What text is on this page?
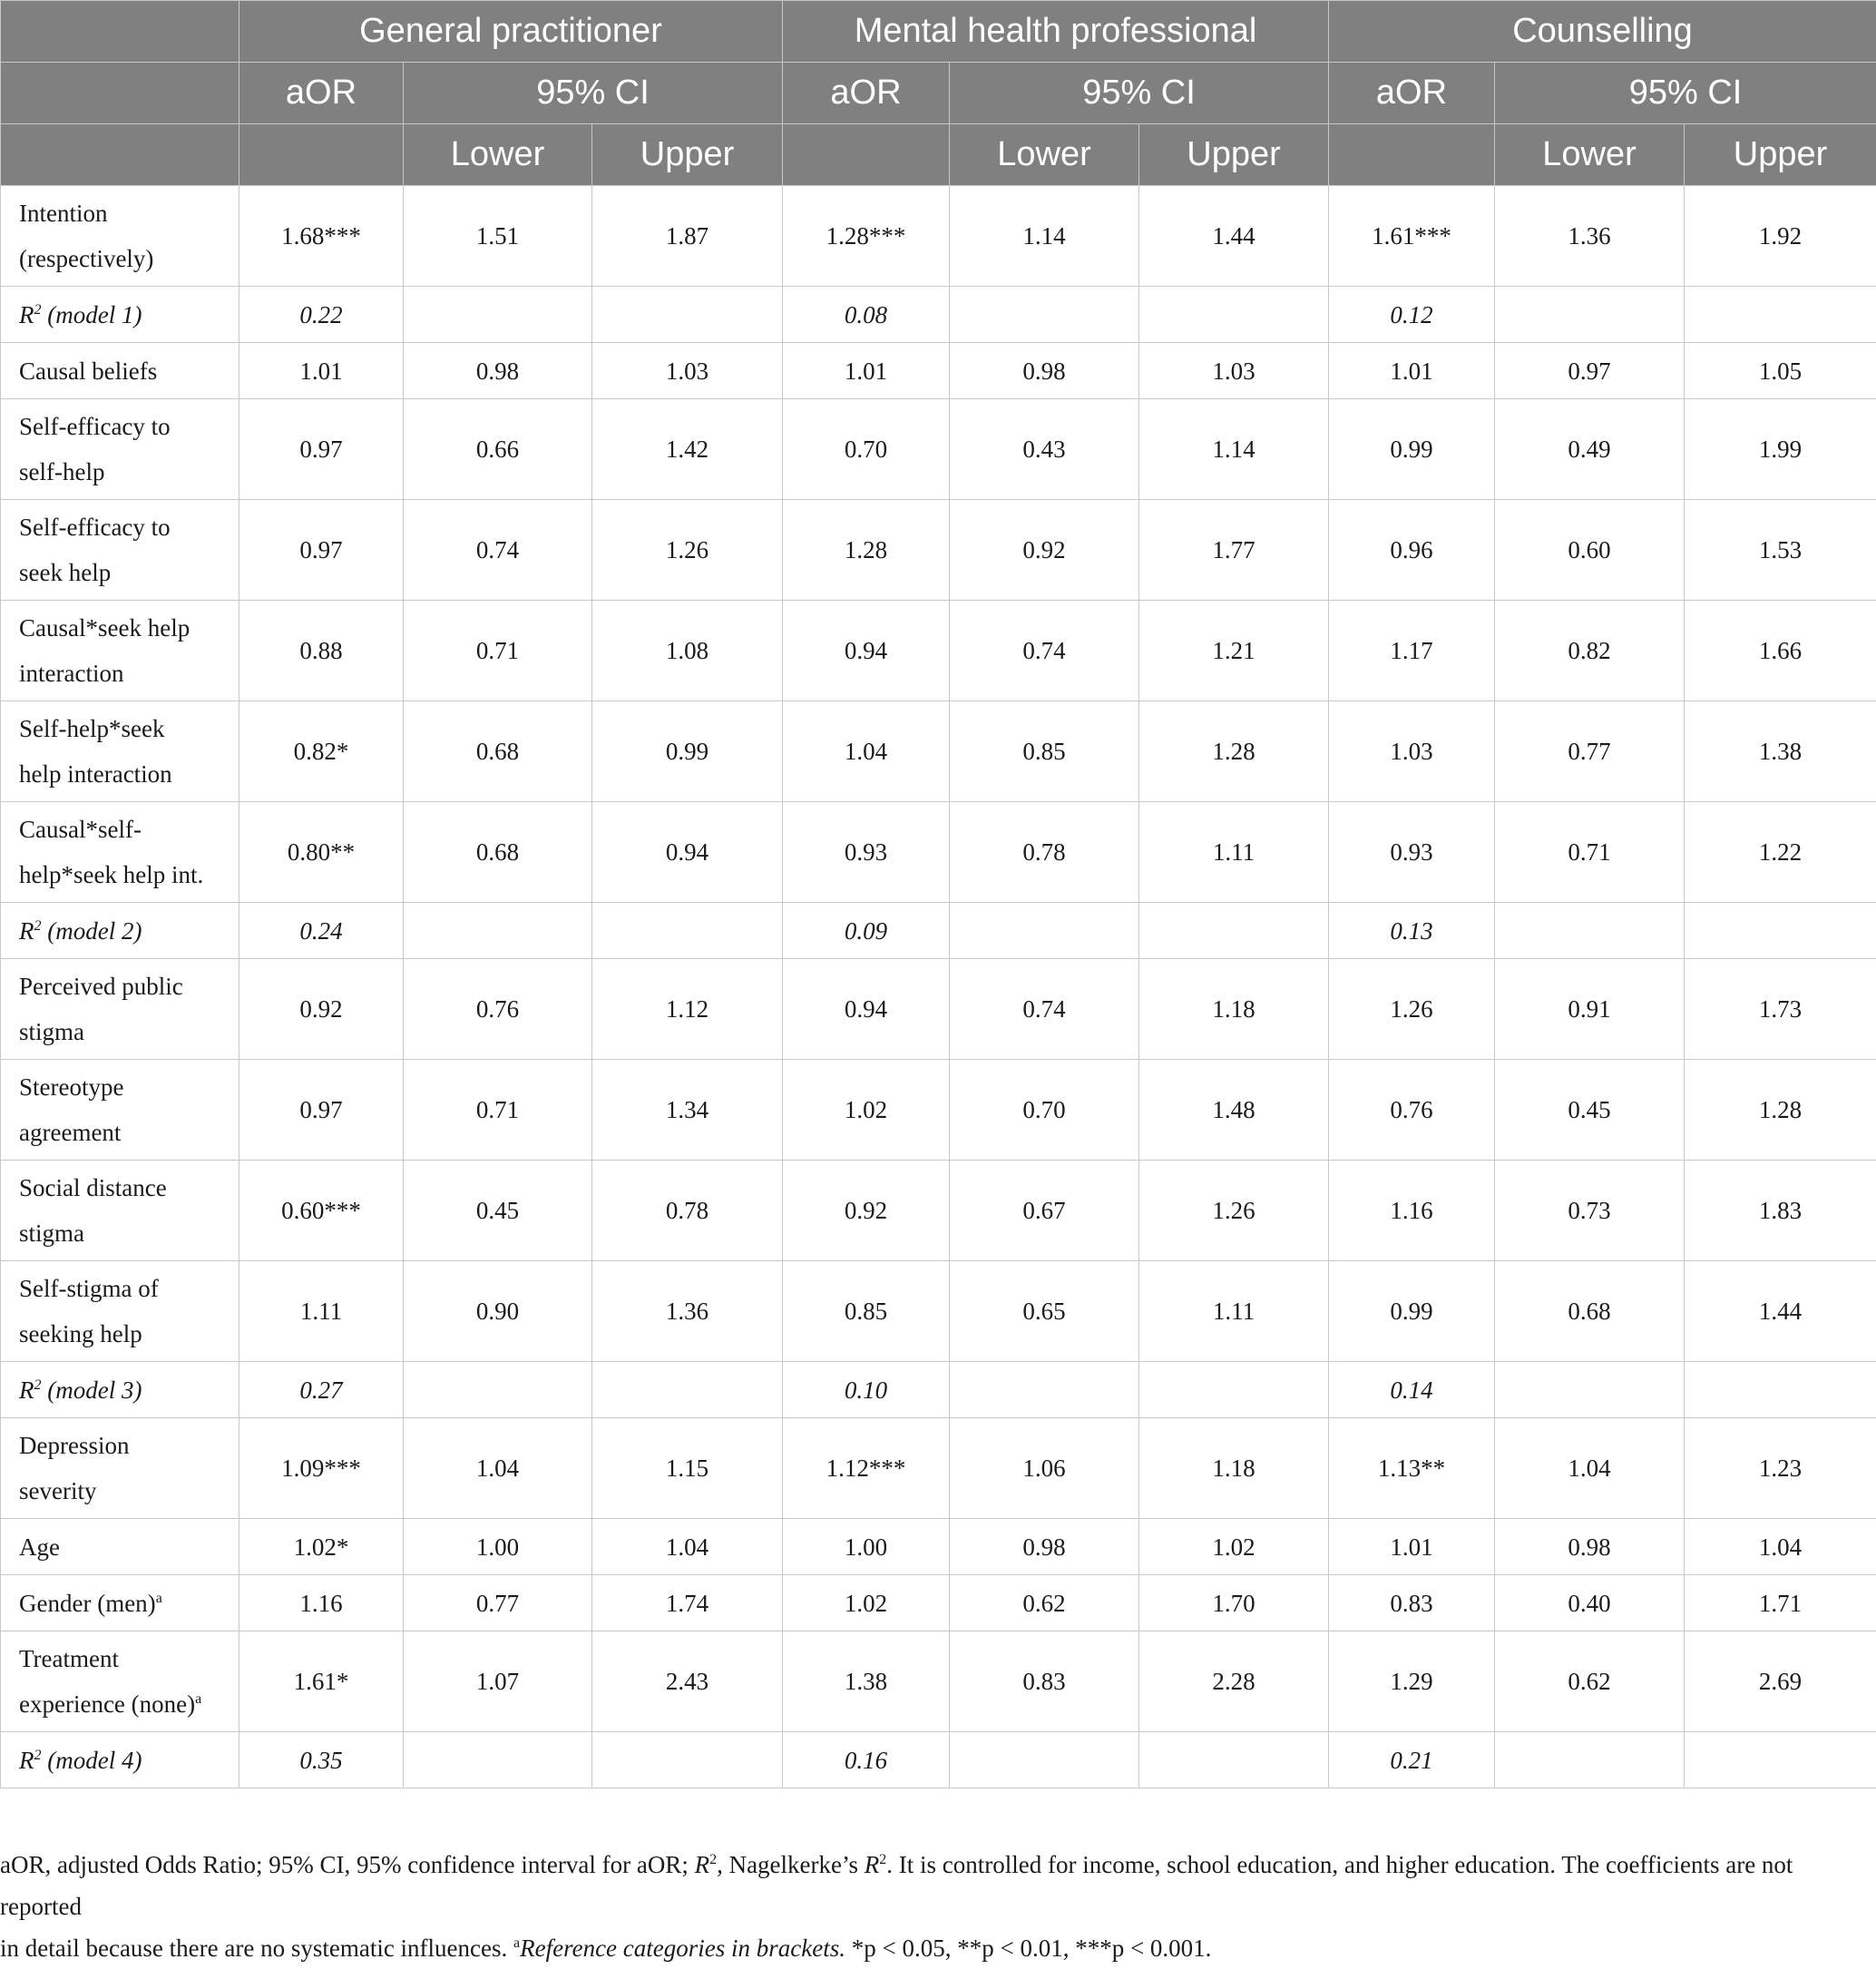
	General practitioner			Mental health professional			Counselling		
	aOR	95% CI		aOR	95% CI		aOR	95% CI	
		Lower	Upper		Lower	Upper		Lower	Upper

Intention
(respectively)	1.68***	1.51	1.87	1.28***	1.14	1.44	1.61***	1.36	1.92
$R^2$ (model 1)	0.22			0.08			0.12		

Causal beliefs	1.01	0.98	1.03	1.01	0.98	1.03	1.01	0.97	1.05

Self-efficacy to
self-help	0.97	0.66	1.42	0.70	0.43	1.14	0.99	0.49	1.99

Self-efficacy to
seek help	0.97	0.74	1.26	1.28	0.92	1.77	0.96	0.60	1.53

Causal*seek help
interaction	0.88	0.71	1.08	0.94	0.74	1.21	1.17	0.82	1.66

Self-help*seek
help interaction	0.82*	0.68	0.99	1.04	0.85	1.28	1.03	0.77	1.38

Causal*self-
help*seek help int.	0.80**	0.68	0.94	0.93	0.78	1.11	0.93	0.71	1.22
$R^2$ (model 2)	0.24			0.09			0.13		

Perceived public
stigma	0.92	0.76	1.12	0.94	0.74	1.18	1.26	0.91	1.73

Stereotype
agreement	0.97	0.71	1.34	1.02	0.70	1.48	0.76	0.45	1.28

Social distance
stigma	0.60***	0.45	0.78	0.92	0.67	1.26	1.16	0.73	1.83

Self-stigma of
seeking help	1.11	0.90	1.36	0.85	0.65	1.11	0.99	0.68	1.44
$R^2$ (model 3)	0.27			0.10			0.14		

Depression
severity	1.09***	1.04	1.15	1.12***	1.06	1.18	1.13**	1.04	1.23

Age	1.02*	1.00	1.04	1.00	0.98	1.02	1.01	0.98	1.04

Gender (men)$^a$	1.16	0.77	1.74	1.02	0.62	1.70	0.83	0.40	1.71

Treatment
experience (none)$^a$	1.61*	1.07	2.43	1.38	0.83	2.28	1.29	0.62	2.69
$R^2$ (model 4)	0.35			0.16			0.21		
aOR, adjusted Odds Ratio; 95% CI, 95% confidence interval for aOR; $R^2$, Nagelkerke’s $R^2$. It is controlled for income, school education, and higher education. The coefficients are not reported
in detail because there are no systematic influences. $^a$Reference categories in brackets. *p < 0.05, **p < 0.01, ***p < 0.001.
